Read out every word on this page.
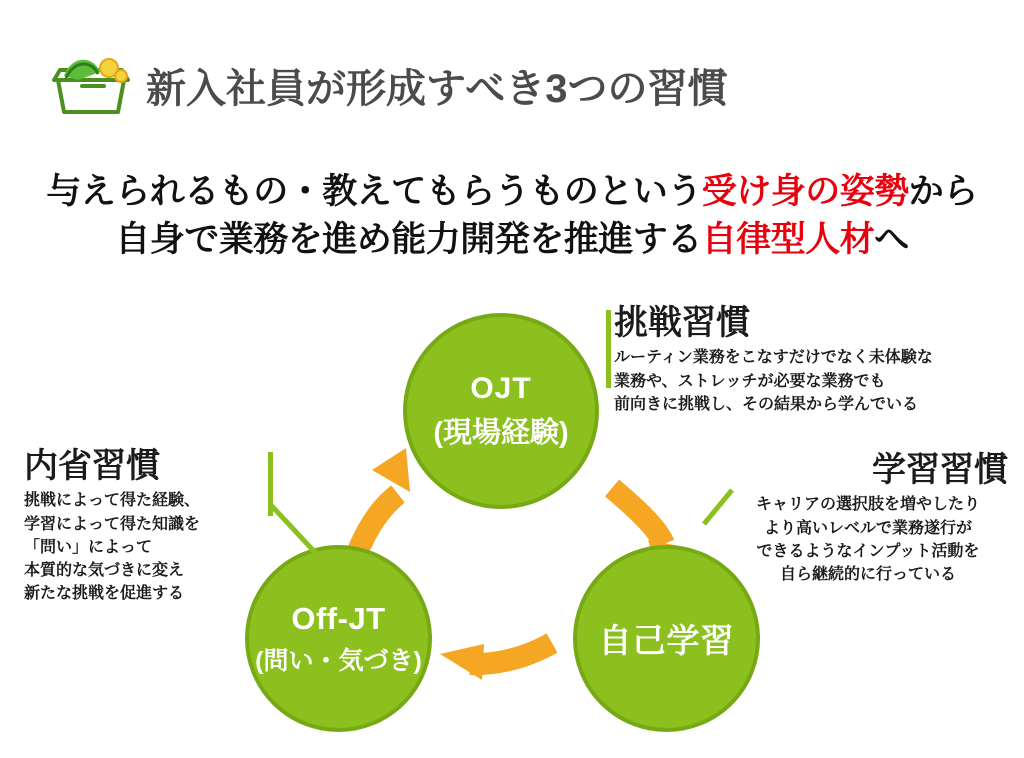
新入社員が形成すべき3つの習慣
与えられるもの・教えてもらうものという受け身の姿勢から
自身で業務を進め能力開発を推進する自律型人材へ
OJT
(現場経験)
自己学習
Off-JT
(問い・気づき)
挑戦習慣
ルーティン業務をこなすだけでなく未体験な
業務や、ストレッチが必要な業務でも
前向きに挑戦し、その結果から学んでいる
学習習慣
キャリアの選択肢を増やしたり
より高いレベルで業務遂行が
できるようなインプット活動を
自ら継続的に行っている
内省習慣
挑戦によって得た経験、
学習によって得た知識を
「問い」によって
本質的な気づきに変え
新たな挑戦を促進する
